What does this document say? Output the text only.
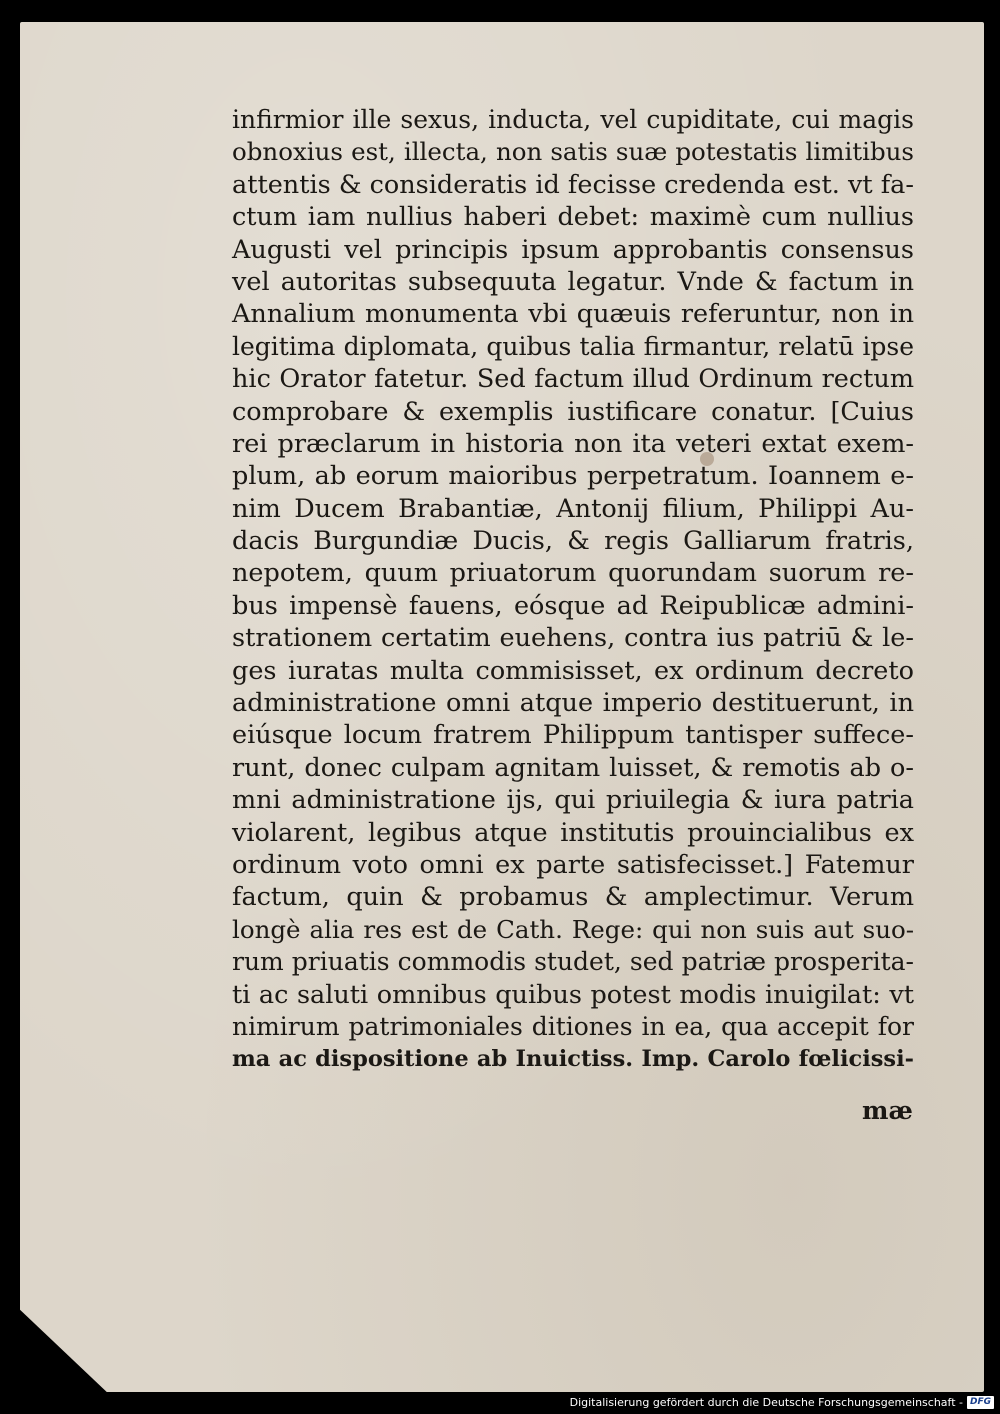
infirmior ille sexus, inducta, vel cupiditate, cui magis
obnoxius est, illecta, non satis suæ potestatis limitibus
attentis & consideratis id fecisse credenda est. vt fa-
ctum iam nullius haberi debet: maximè cum nullius
Augusti vel principis ipsum approbantis consensus
vel autoritas subsequuta legatur. Vnde & factum in
Annalium monumenta vbi quæuis referuntur, non in
legitima diplomata, quibus talia firmantur, relatū ipse
hic Orator fatetur. Sed factum illud Ordinum rectum
comprobare & exemplis iustificare conatur. [Cuius
rei præclarum in historia non ita veteri extat exem-
plum, ab eorum maioribus perpetratum. Ioannem e-
nim Ducem Brabantiæ, Antonij filium, Philippi Au-
dacis Burgundiæ Ducis, & regis Galliarum fratris,
nepotem, quum priuatorum quorundam suorum re-
bus impensè fauens, eósque ad Reipublicæ admini-
strationem certatim euehens, contra ius patriū & le-
ges iuratas multa commisisset, ex ordinum decreto
administratione omni atque imperio destituerunt, in
eiúsque locum fratrem Philippum tantisper suffece-
runt, donec culpam agnitam luisset, & remotis ab o-
mni administratione ijs, qui priuilegia & iura patria
violarent, legibus atque institutis prouincialibus ex
ordinum voto omni ex parte satisfecisset.] Fatemur
factum, quin & probamus & amplectimur. Verum
longè alia res est de Cath. Rege: qui non suis aut suo-
rum priuatis commodis studet, sed patriæ prosperita-
ti ac saluti omnibus quibus potest modis inuigilat: vt
nimirum patrimoniales ditiones in ea, qua accepit for
ma ac dispositione ab Inuictiss. Imp. Carolo fœlicissi-
mæ
Digitalisierung gefördert durch die Deutsche Forschungsgemeinschaft - DFG
